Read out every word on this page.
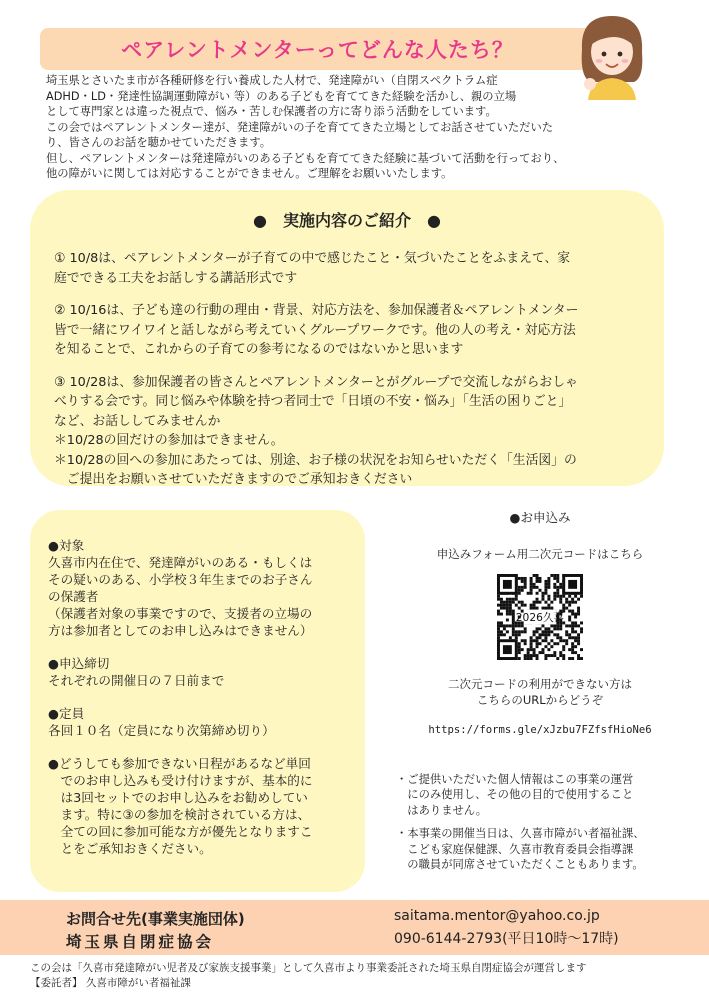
ペアレントメンターってどんな人たち？

埼玉県とさいたま市が各種研修を行い養成した人材で、発達障がい（自閉スペクトラム症

ADHD・LD・発達性協調運動障がい 等）のある子どもを育ててきた経験を活かし、親の立場

として専門家とは違った視点で、悩み・苦しむ保護者の方に寄り添う活動をしています。

この会ではペアレントメンター達が、発達障がいの子を育ててきた立場としてお話させていただいた

り、皆さんのお話を聴かせていただきます。

但し、ペアレントメンターは発達障がいのある子どもを育ててきた経験に基づいて活動を行っており、

他の障がいに関しては対応することができません。ご理解をお願いいたします。

●　実施内容のご紹介　●

① 10/8は、ペアレントメンターが子育ての中で感じたこと・気づいたことをふまえて、家

庭でできる工夫をお話しする講話形式です

② 10/16は、子ども達の行動の理由・背景、対応方法を、参加保護者＆ペアレントメンター

皆で一緒にワイワイと話しながら考えていくグループワークです。他の人の考え・対応方法

を知ることで、これからの子育ての参考になるのではないかと思います

③ 10/28は、参加保護者の皆さんとペアレントメンターとがグループで交流しながらおしゃ

べりする会です。同じ悩みや体験を持つ者同士で「日頃の不安・悩み」「生活の困りごと」

など、お話ししてみませんか

＊10/28の回だけの参加はできません。

＊10/28の回への参加にあたっては、別途、お子様の状況をお知らせいただく「生活図」の

　ご提出をお願いさせていただきますのでご承知おきください

●対象

久喜市内在住で、発達障がいのある・もしくは

その疑いのある、小学校３年生までのお子さん

の保護者

（保護者対象の事業ですので、支援者の立場の

方は参加者としてのお申し込みはできません）

●申込締切

それぞれの開催日の７日前まで

●定員

各回１０名（定員になり次第締め切り）

●どうしても参加できない日程があるなど単回

　でのお申し込みも受け付けますが、基本的に

　は3回セットでのお申し込みをお勧めしてい

　ます。特に③の参加を検討されている方は、

　全ての回に参加可能な方が優先となりますこ

　とをご承知おきください。

●お申込み
申込みフォーム用二次元コードはこちら
2026久喜
二次元コードの利用ができない方は
こちらのURLからどうぞ
https://forms.gle/xJzbu7FZfsfHioNe6

・ご提供いただいた個人情報はこの事業の運営
　にのみ使用し、その他の目的で使用すること
　はありません。

・本事業の開催当日は、久喜市障がい者福祉課、
　こども家庭保健課、久喜市教育委員会指導課
　の職員が同席させていただくこともあります。

お問合せ先(事業実施団体)
埼玉県自閉症協会
saitama.mentor@yahoo.co.jp
090-6144-2793(平日10時～17時)

この会は「久喜市発達障がい児者及び家族支援事業」として久喜市より事業委託された埼玉県自閉症協会が運営します

【委託者】 久喜市障がい者福祉課
